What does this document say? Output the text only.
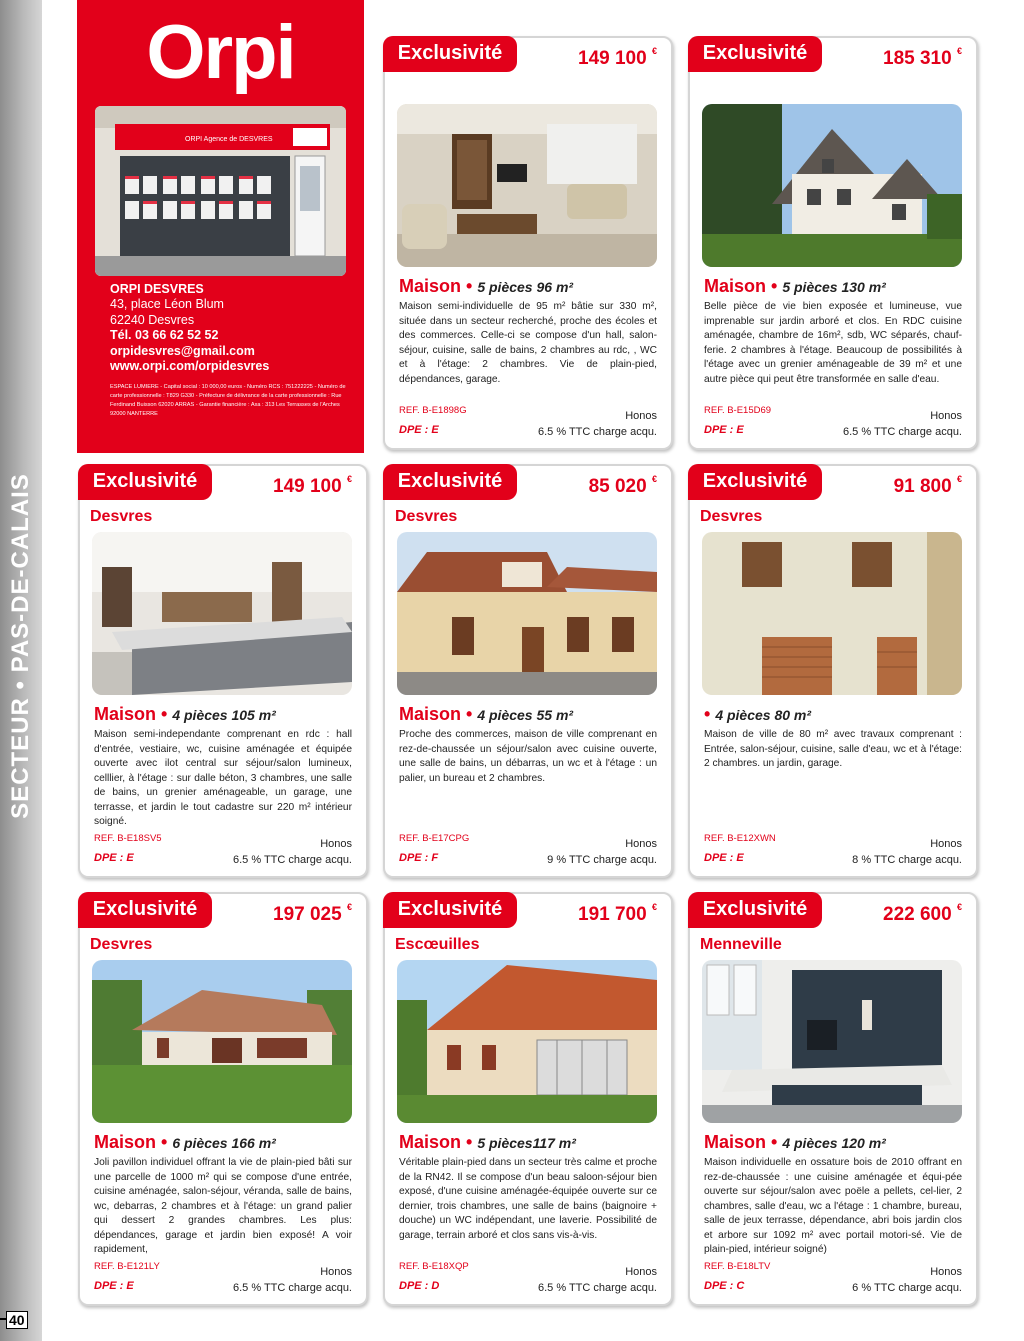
SECTEUR • PAS-DE-CALAIS
40
Orpi
ORPI Agence de DESVRES
ORPI DESVRES
43, place Léon Blum
62240 Desvres
Tél. 03 66 62 52 52
orpidesvres@gmail.com
www.orpi.com/orpidesvres
ESPACE LUMIERE - Capital social : 10 000,00 euros - Numéro RCS : 751222225 - Numéro de carte professionnelle : T829 G330 - Préfecture de délivrance de la carte professionnelle : Rue Ferdinand Buisson 62020 ARRAS - Garantie financière : Axa : 313 Les Terrasses de l'Arches 92000 NANTERRE
Exclusivité	149 100 €
Maison • 5 pièces 96 m²
Maison semi-individuelle de 95 m² bâtie sur 330 m², située dans un secteur recherché, proche des écoles et des commerces. Celle-ci se compose d'un hall, salon-séjour, cuisine, salle de bains, 2 chambres au rdc, , WC et à l'étage: 2 chambres. Vie de plain-pied, dépendances, garage.
REF. B-E1898G
DPE : E
Honos
6.5 % TTC charge acqu.
Exclusivité	185 310 €
Maison • 5 pièces 130 m²
Belle pièce de vie bien exposée et lumineuse, vue imprenable sur jardin arboré et clos. En RDC cuisine aménagée, chambre de 16m², sdb, WC séparés, chauf-ferie. 2 chambres à l'étage. Beaucoup de possibilités à l'étage avec un grenier aménageable de 39 m² et une autre pièce qui peut être transformée en salle d'eau.
REF. B-E15D69
DPE : E
Honos
6.5 % TTC charge acqu.
Exclusivité	149 100 €
Desvres
Maison • 4 pièces 105 m²
Maison semi-independante comprenant en rdc : hall d'entrée, vestiaire, wc, cuisine aménagée et équipée ouverte avec ilot central sur séjour/salon lumineux, celllier, à l'étage : sur dalle béton, 3 chambres, une salle de bains, un grenier aménageable, un garage, une terrasse, et jardin le tout cadastre sur 220 m² intérieur soigné.
REF. B-E18SV5
DPE : E
Honos
6.5 % TTC charge acqu.
Exclusivité	85 020 €
Desvres
Maison • 4 pièces 55 m²
Proche des commerces, maison de ville comprenant en rez-de-chaussée un séjour/salon avec cuisine ouverte, une salle de bains, un débarras, un wc et à l'étage : un palier, un bureau et 2 chambres.
REF. B-E17CPG
DPE : F
Honos
9 % TTC charge acqu.
Exclusivité	91 800 €
Desvres
• 4 pièces 80 m²
Maison de ville de 80 m² avec travaux comprenant : Entrée, salon-séjour, cuisine, salle d'eau, wc et à l'étage: 2 chambres. un jardin, garage.
REF. B-E12XWN
DPE : E
Honos
8 % TTC charge acqu.
Exclusivité	197 025 €
Desvres
Maison • 6 pièces 166 m²
Joli pavillon individuel offrant la vie de plain-pied bâti sur une parcelle de 1000 m² qui se compose d'une entrée, cuisine aménagée, salon-séjour, véranda, salle de bains, wc, debarras, 2 chambres et à l'étage: un grand palier qui dessert 2 grandes chambres. Les plus: dépendances, garage et jardin bien exposé! A voir rapidement,
REF. B-E121LY
DPE : E
Honos
6.5 % TTC charge acqu.
Exclusivité	191 700 €
Escœuilles
Maison • 5 pièces117 m²
Véritable plain-pied dans un secteur très calme et proche de la RN42. Il se compose d'un beau saloon-séjour bien exposé, d'une cuisine aménagée-équipée ouverte sur ce dernier, trois chambres, une salle de bains (baignoire + douche) un WC indépendant, une laverie. Possibilité de garage, terrain arboré et clos sans vis-à-vis.
REF. B-E18XQP
DPE : D
Honos
6.5 % TTC charge acqu.
Exclusivité	222 600 €
Menneville
Maison • 4 pièces 120 m²
Maison individuelle en ossature bois de 2010 offrant en rez-de-chaussée : une cuisine aménagée et équi-pée ouverte sur séjour/salon avec poële a pellets, cel-lier, 2 chambres, salle d'eau, wc a l'étage : 1 chambre, bureau, salle de jeux terrasse, dépendance, abri bois jardin clos et arbore sur 1092 m² avec portail motori-sé. Vie de plain-pied, intérieur soigné)
REF. B-E18LTV
DPE : C
Honos
6 % TTC charge acqu.
